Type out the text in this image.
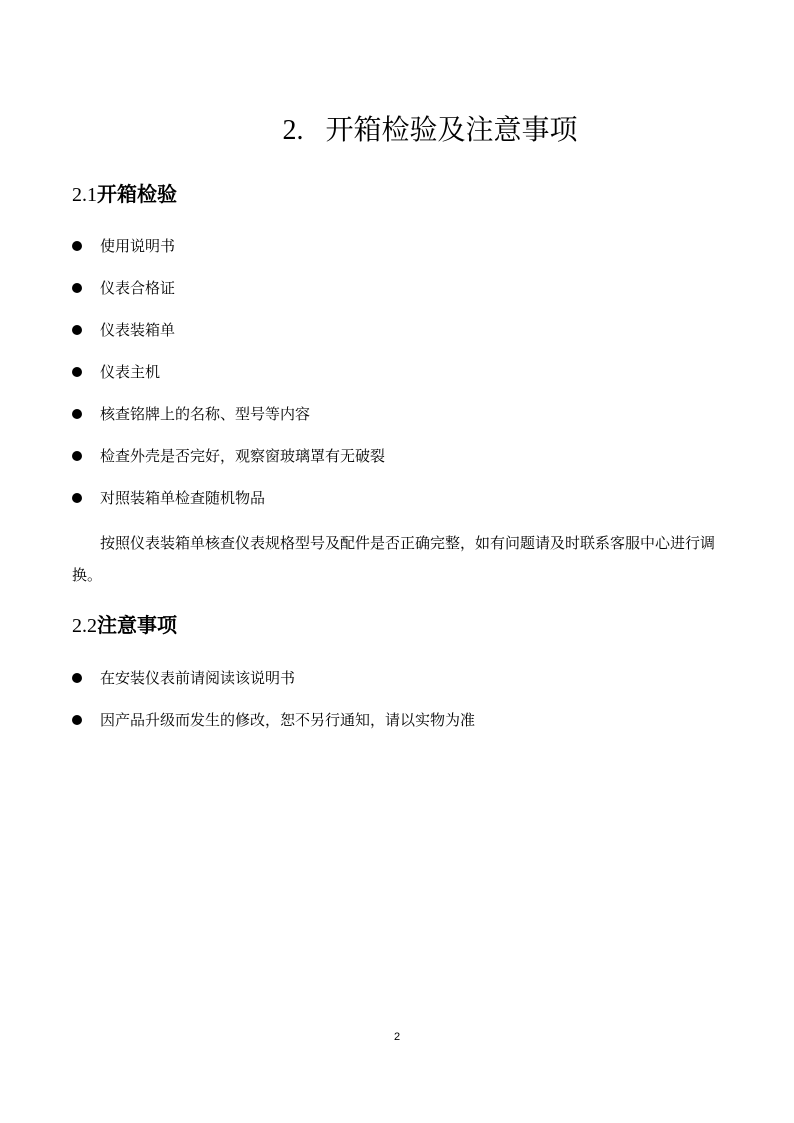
2. 开箱检验及注意事项
2.1开箱检验
使用说明书
仪表合格证
仪表装箱单
仪表主机
核查铭牌上的名称、型号等内容
检查外壳是否完好，观察窗玻璃罩有无破裂
对照装箱单检查随机物品

按照仪表装箱单核查仪表规格型号及配件是否正确完整，如有问题请及时联系客服中心进行调换。

2.2注意事项
在安装仪表前请阅读该说明书
因产品升级而发生的修改，恕不另行通知，请以实物为准
2
